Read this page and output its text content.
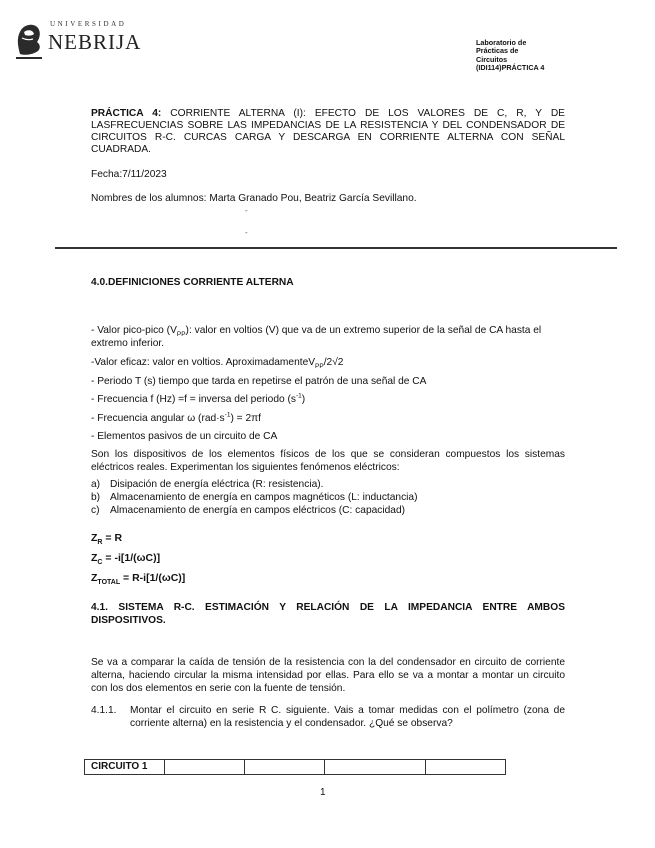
UNIVERSIDAD
NEBRIJA	Laboratorio de
Prácticas de
Circuitos
(IDI114)PRÁCTICA 4
PRÁCTICA 4: CORRIENTE ALTERNA (I): EFECTO DE LOS VALORES DE C, R, Y DE LASFRECUENCIAS SOBRE LAS IMPEDANCIAS DE LA RESISTENCIA Y DEL CONDENSADOR DE CIRCUITOS R-C. CURCAS CARGA Y DESCARGA EN CORRIENTE ALTERNA CON SEÑAL CUADRADA.
Fecha:7/11/2023
Nombres de los alumnos: Marta Granado Pou, Beatriz García Sevillano.
-
-
4.0.DEFINICIONES CORRIENTE ALTERNA
- Valor pico-pico $(V_{PP})$: valor en voltios (V) que va de un extremo superior de la señal de CA hasta el extremo inferior.
-Valor eficaz: valor en voltios. AproximadamenteV$_{PP}$/2√2
- Periodo T (s) tiempo que tarda en repetirse el patrón de una señal de CA
- Frecuencia f (Hz) =f = inversa del periodo $(s^{-1})$
- Frecuencia angular ω $(rad\cdot s^{-1}) = 2\pi f$
- Elementos pasivos de un circuito de CA
Son los dispositivos de los elementos físicos de los que se consideran compuestos los sistemas eléctricos reales. Experimentan los siguientes fenómenos eléctricos:
a) Disipación de energía eléctrica (R: resistencia).
b) Almacenamiento de energía en campos magnéticos (L: inductancia)
c)	Almacenamiento de energía en campos eléctricos (C: capacidad)
$Z_R = R$
$Z_C = -i[1/(\omega C)]$
$Z_{TOTAL} = R-i[1/(\omega C)]$
4.1. SISTEMA R-C. ESTIMACIÓN Y RELACIÓN DE LA IMPEDANCIA ENTRE AMBOS DISPOSITIVOS.
Se va a comparar la caída de tensión de la resistencia con la del condensador en circuito de corriente alterna, haciendo circular la misma intensidad por ellas. Para ello se va a montar a montar un circuito con los dos elementos en serie con la fuente de tensión.
4.1.1.	Montar el circuito en serie R C. siguiente. Vais a tomar medidas con el polímetro (zona de corriente alterna) en la resistencia y el condensador. ¿Qué se observa?
CIRCUITO 1				
1
